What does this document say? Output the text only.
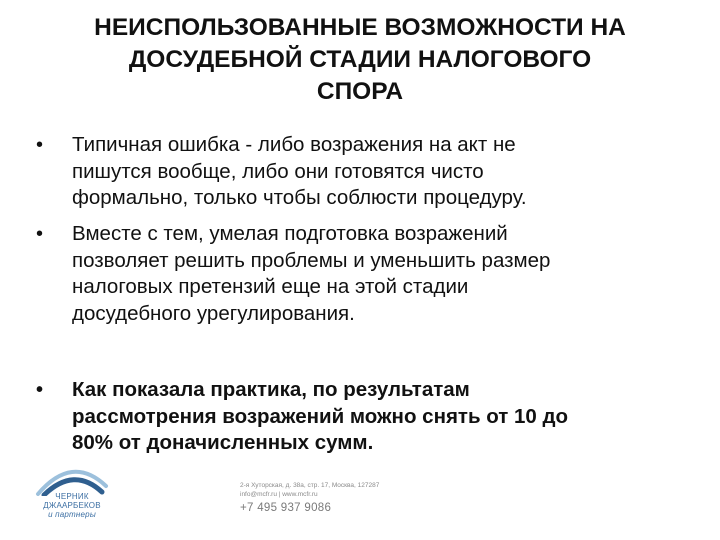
НЕИСПОЛЬЗОВАННЫЕ ВОЗМОЖНОСТИ НА
ДОСУДЕБНОЙ СТАДИИ НАЛОГОВОГО
СПОРА
• Типичная ошибка - либо возражения на акт не
пишутся вообще, либо они готовятся чисто
формально, только чтобы соблюсти процедуру.
• Вместе с тем, умелая подготовка возражений
позволяет решить проблемы и уменьшить размер
налоговых претензий еще на этой стадии
досудебного урегулирования.
• Как показала практика, по результатам
рассмотрения возражений можно снять от 10 до
80% от доначисленных сумм.
ЧЕРНИК
ДЖААРБЕКОВ
и партнеры
2-я Хуторская, д. 38а, стр. 17, Москва, 127287
info@mcfr.ru | www.mcfr.ru
+7 495 937 9086
